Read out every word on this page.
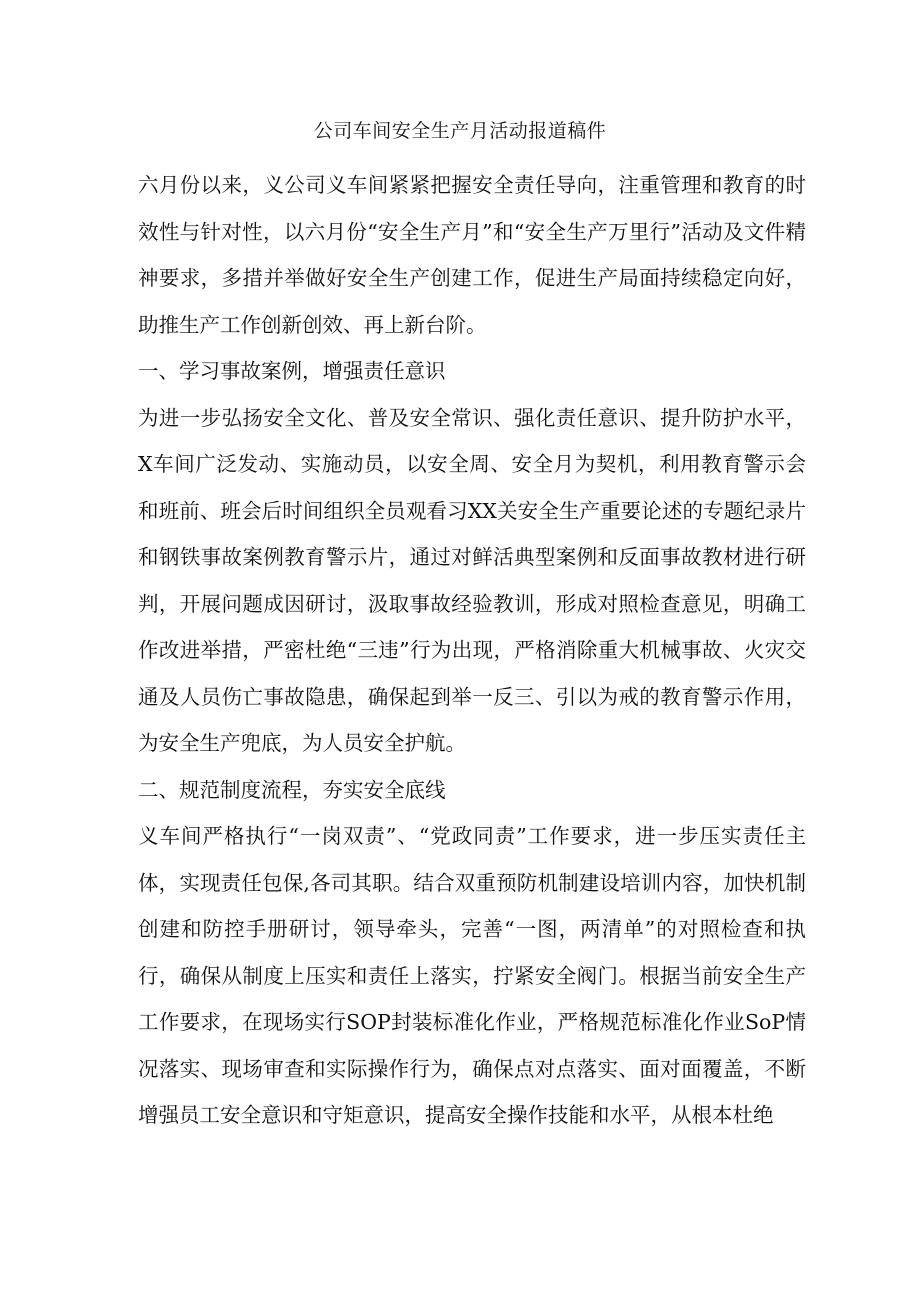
公司车间安全生产月活动报道稿件

六月份以来，义公司义车间紧紧把握安全责任导向，注重管理和教育的时效性与针对性，以六月份“安全生产月”和“安全生产万里行”活动及文件精神要求，多措并举做好安全生产创建工作，促进生产局面持续稳定向好，助推生产工作创新创效、再上新台阶。

一、学习事故案例，增强责任意识

为进一步弘扬安全文化、普及安全常识、强化责任意识、提升防护水平，X车间广泛发动、实施动员，以安全周、安全月为契机，利用教育警示会和班前、班会后时间组织全员观看习XX关安全生产重要论述的专题纪录片和钢铁事故案例教育警示片，通过对鲜活典型案例和反面事故教材进行研判，开展问题成因研讨，汲取事故经验教训，形成对照检查意见，明确工作改进举措，严密杜绝“三违”行为出现，严格消除重大机械事故、火灾交通及人员伤亡事故隐患，确保起到举一反三、引以为戒的教育警示作用，为安全生产兜底，为人员安全护航。

二、规范制度流程，夯实安全底线

义车间严格执行“一岗双责”、“党政同责”工作要求，进一步压实责任主体，实现责任包保,各司其职。结合双重预防机制建设培训内容，加快机制创建和防控手册研讨，领导牵头，完善“一图，两清单”的对照检查和执行，确保从制度上压实和责任上落实，拧紧安全阀门。根据当前安全生产工作要求，在现场实行SOP封装标准化作业，严格规范标准化作业SoP情况落实、现场审查和实际操作行为，确保点对点落实、面对面覆盖，不断增强员工安全意识和守矩意识，提高安全操作技能和水平，从根本杜绝
